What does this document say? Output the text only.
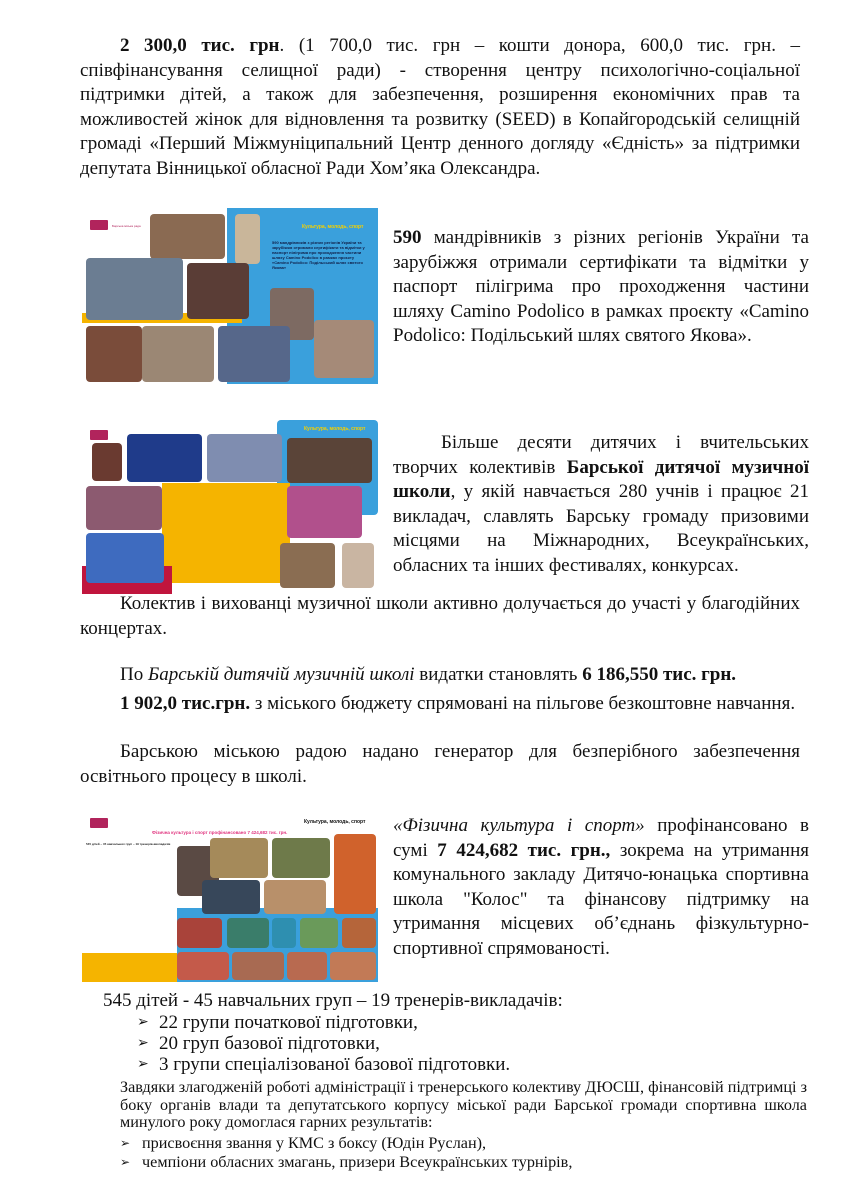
2 300,0 тис. грн. (1 700,0 тис. грн – кошти донора, 600,0 тис. грн. – співфінансування селищної ради) - створення центру психологічно-соціальної підтримки дітей, а також для забезпечення, розширення економічних прав та можливостей жінок для відновлення та розвитку (SEED) в Копайгородській селищній громаді «Перший Міжмуніципальний Центр денного догляду «Єдність» за підтримки депутата Вінницької обласної Ради Хом’яка Олександра.

Барська міська рада	Культура, молодь, спорт
590 мандрівників з різних регіонів України та зарубіжжя отримали сертифікати та відмітки у паспорт пілігрима про проходження частини шляху Camino Podolico в рамках проєкту «Camino Podolico: Подільський шлях святого Якова»

590 мандрівників з різних регіонів України та зарубіжжя отримали сертифікати та відмітки у паспорт пілігрима про проходження частини шляху Camino Podolico в рамках проєкту «Camino Podolico: Подільський шлях святого Якова».

Культура, молодь, спорт

Більше десяти дитячих і вчительських творчих колективів Барської дитячої музичної школи, у якій навчається 280 учнів і працює 21 викладач, славлять Барську громаду призовими місцями на Міжнародних, Всеукраїнських, обласних та інших фестивалях, конкурсах.

Колектив і вихованці музичної школи активно долучається до участі у благодійних концертах.

По Барській дитячій музичній школі видатки становлять 6 186,550 тис. грн.

1 902,0 тис.грн. з міського бюджету спрямовані на пільгове безкоштовне навчання.

Барською міською радою надано генератор для безперібного забезпечення освітнього процесу в школі.

Культура, молодь, спорт
Фізична культура і спорт профінансовано 7 424,682 тис. грн.
545 дітей – 45 навчальних груп – 19 тренерів-викладачів

«Фізична культура і спорт» профінансовано в сумі 7 424,682 тис. грн., зокрема на утримання комунального закладу Дитячо-юнацька спортивна школа "Колос" та фінансову підтримку на утримання місцевих об’єднань фізкультурно-спортивної спрямованості.

545 дітей - 45 навчальних груп – 19 тренерів-викладачів:

➢ 22 групи початкової підготовки,
➢ 20 груп базової підготовки,
➢ 3 групи спеціалізованої базової підготовки.

Завдяки злагодженій роботі адміністрації і тренерського колективу ДЮСШ, фінансовій підтримці з боку органів влади та депутатського корпусу міської ради Барської громади спортивна школа минулого року домоглася гарних результатів:

➢ присвоєння звання у КМС з боксу (Юдін Руслан),
➢ чемпіони обласних змагань, призери Всеукраїнських турнірів,
